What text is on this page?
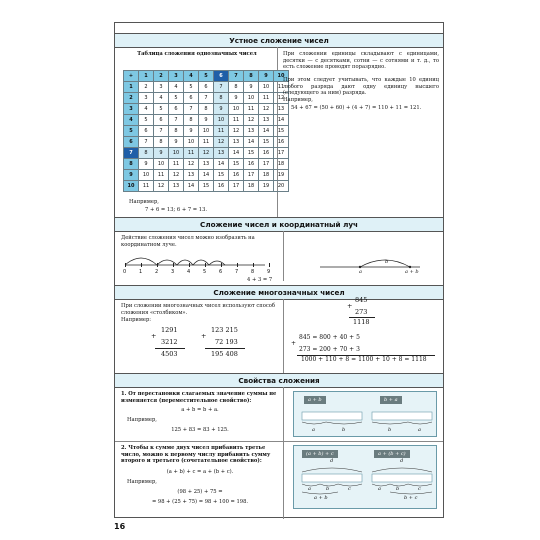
Устное сложение чисел
Таблица сложения однозначных чисел
+	1	2	3	4	5	6	7	8	9	10
1	2	3	4	5	6	7	8	9	10	11
2	3	4	5	6	7	8	9	10	11	12
3	4	5	6	7	8	9	10	11	12	13
4	5	6	7	8	9	10	11	12	13	14
5	6	7	8	9	10	11	12	13	14	15
6	7	8	9	10	11	12	13	14	15	16
7	8	9	10	11	12	13	14	15	16	17
8	9	10	11	12	13	14	15	16	17	18
9	10	11	12	13	14	15	16	17	18	19
10	11	12	13	14	15	16	17	18	19	20
Например,
7 + 6 = 13; 6 + 7 = 13.
При сложении единицы складывают с единицами, десятки — с десятками, сотни — с сотнями и т. д., то есть сложение проводят поразрядно.
При этом следует учитывать, что каждые 10 единиц любого разряда дают одну единицу высшего (следующего за ним) разряда.
Например,
54 + 67 = (50 + 60) + (4 + 7) = 110 + 11 = 121.
Сложение чисел и координатный луч
Действие сложения чисел можно изобразить на координатном луче.
0	1	2	3	4	5	6	7	8	9
4 + 3 = 7
b
a	a + b
Сложение многозначных чисел
При сложении многозначных чисел используют способ сложения «столбиком».
Например:
1291
+
3212
4503
123 215
+
72 193
195 408
845
+
273
1118
845 = 800 + 40 + 5
+
273 = 200 + 70 + 3
1000 + 110 + 8 = 1100 + 10 + 8 = 1118
Свойства сложения
1. От перестановки слагаемых значение суммы не изменяется (переместительное свойство):
a + b = b + a.
Например,
125 + 83 = 83 + 125.
a + b	b + a
a	b	b	a
2. Чтобы к сумме двух чисел прибавить третье число, можно к первому числу прибавить сумму второго и третьего (сочетательное свойство):
(a + b) + c = a + (b + c).
Например,
(98 + 25) + 75 =
= 98 + (25 + 75) = 98 + 100 = 198.
(a + b) + c	a + (b + c)
d	d
a	b	c
a + b
a	b	c
b + c
16
